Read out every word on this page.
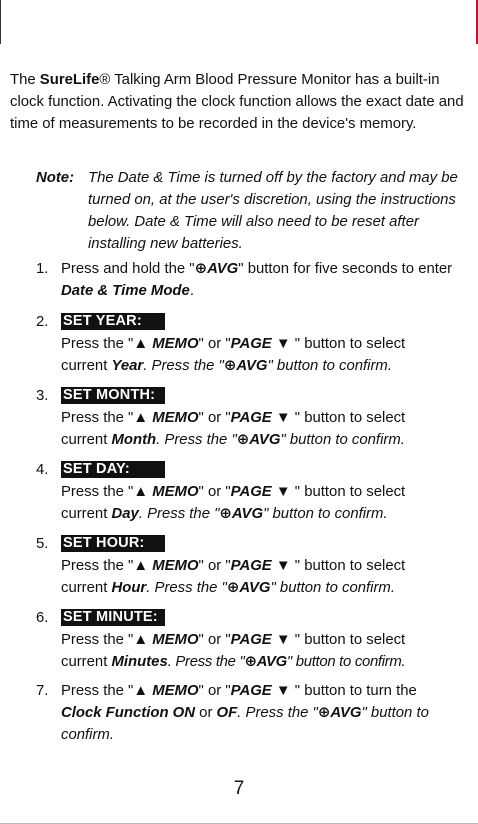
The SureLife® Talking Arm Blood Pressure Monitor has a built-in clock function. Activating the clock function allows the exact date and time of measurements to be recorded in the device's memory.

Note: The Date & Time is turned off by the factory and may be turned on, at the user's discretion, using the instructions below. Date & Time will also need to be reset after installing new batteries.
1. Press and hold the "⊕AVG" button for five seconds to enter Date & Time Mode.
2. SET YEAR:
Press the "▲ MEMO" or "PAGE ▼ " button to select
current Year. Press the "⊕AVG" button to confirm.
3. SET MONTH:
Press the "▲ MEMO" or "PAGE ▼ " button to select
current Month. Press the "⊕AVG" button to confirm.
4. SET DAY:
Press the "▲ MEMO" or "PAGE ▼ " button to select
current Day. Press the "⊕AVG" button to confirm.
5. SET HOUR:
Press the "▲ MEMO" or "PAGE ▼ " button to select
current Hour. Press the "⊕AVG" button to confirm.
6. SET MINUTE:
Press the "▲ MEMO" or "PAGE ▼ " button to select
current Minutes. Press the "⊕AVG" button to confirm.
7. Press the "▲ MEMO" or "PAGE ▼ " button to turn the
Clock Function ON or OF. Press the "⊕AVG" button to confirm.
7
